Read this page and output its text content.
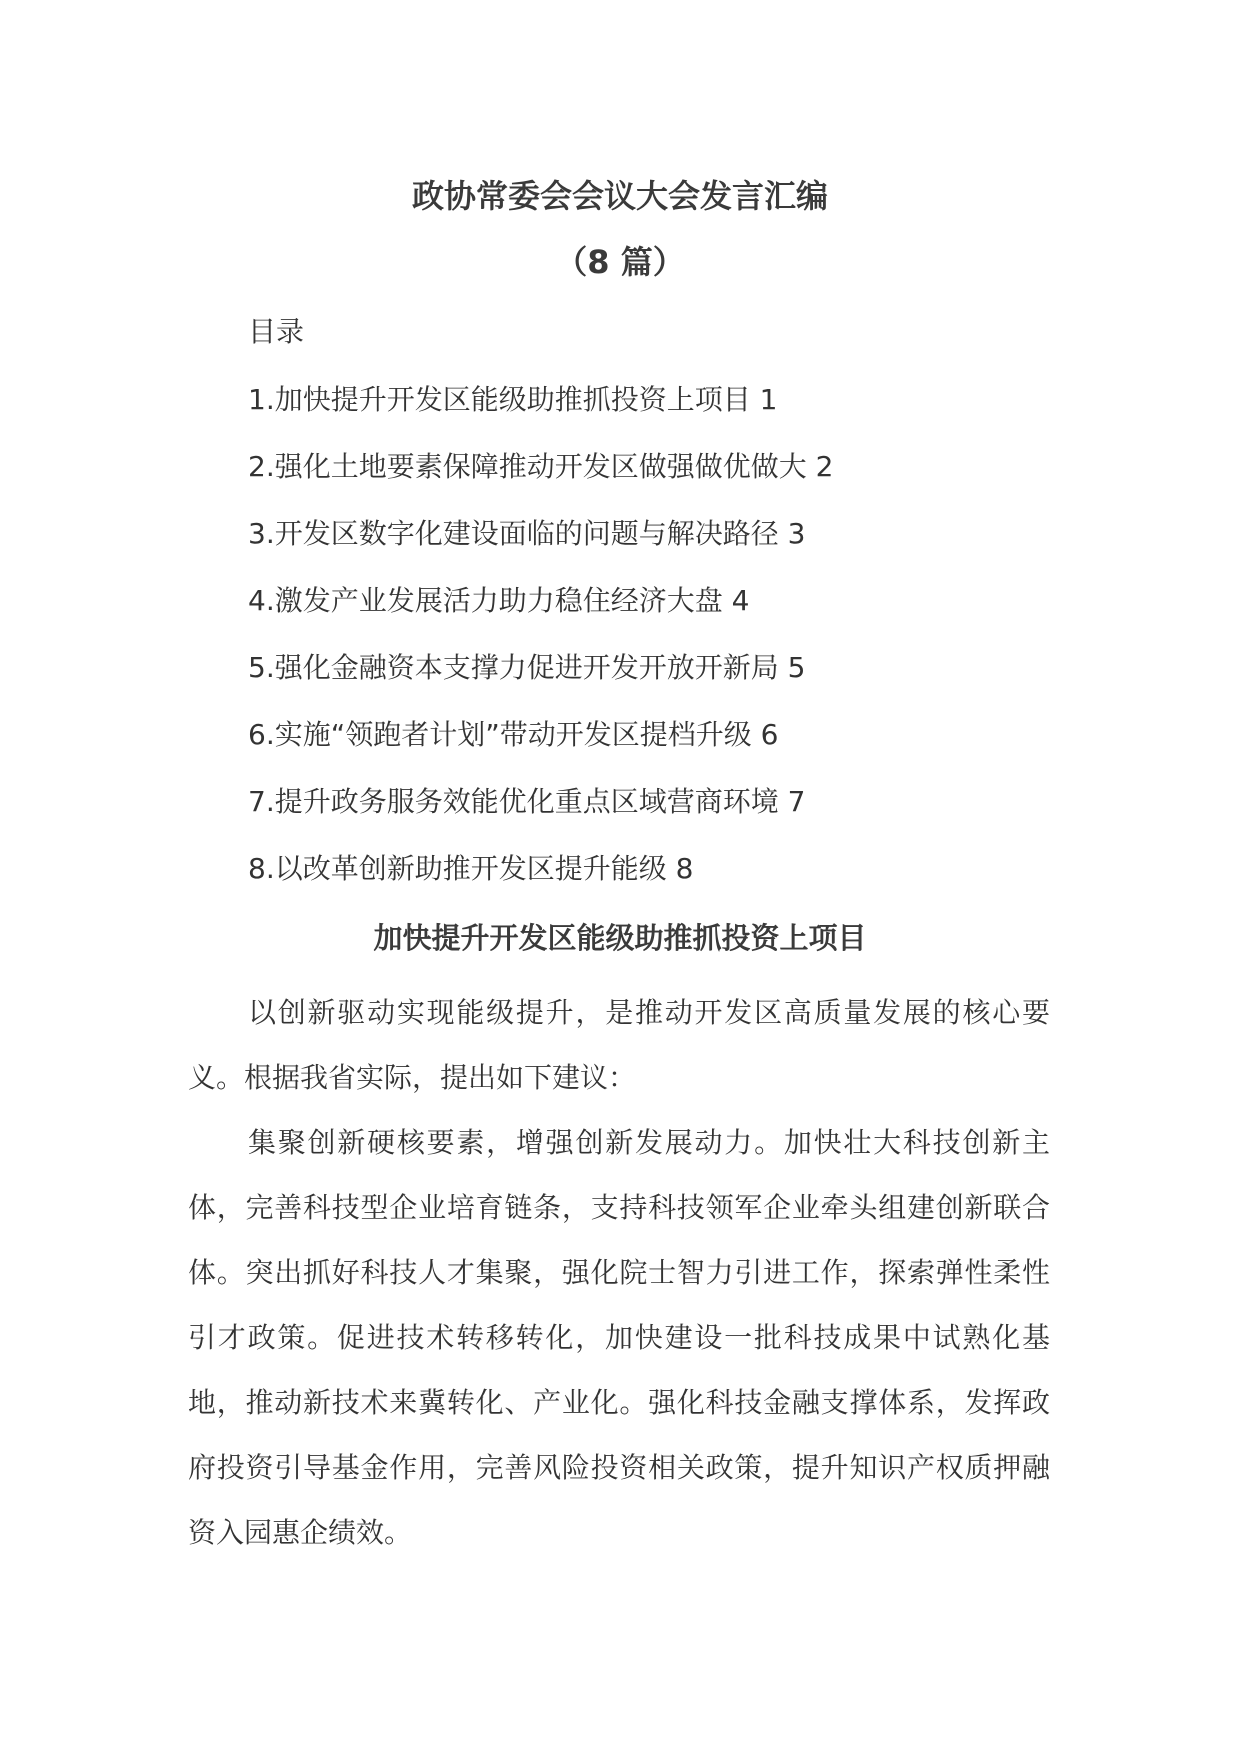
政协常委会会议大会发言汇编
（8 篇）
目录
1.加快提升开发区能级助推抓投资上项目 1
2.强化土地要素保障推动开发区做强做优做大 2
3.开发区数字化建设面临的问题与解决路径 3
4.激发产业发展活力助力稳住经济大盘 4
5.强化金融资本支撑力促进开发开放开新局 5
6.实施“领跑者计划”带动开发区提档升级 6
7.提升政务服务效能优化重点区域营商环境 7
8.以改革创新助推开发区提升能级 8
加快提升开发区能级助推抓投资上项目

以创新驱动实现能级提升，是推动开发区高质量发展的核心要义。根据我省实际，提出如下建议：

集聚创新硬核要素，增强创新发展动力。加快壮大科技创新主体，完善科技型企业培育链条，支持科技领军企业牵头组建创新联合体。突出抓好科技人才集聚，强化院士智力引进工作，探索弹性柔性引才政策。促进技术转移转化，加快建设一批科技成果中试熟化基地，推动新技术来冀转化、产业化。强化科技金融支撑体系，发挥政府投资引导基金作用，完善风险投资相关政策，提升知识产权质押融资入园惠企绩效。
